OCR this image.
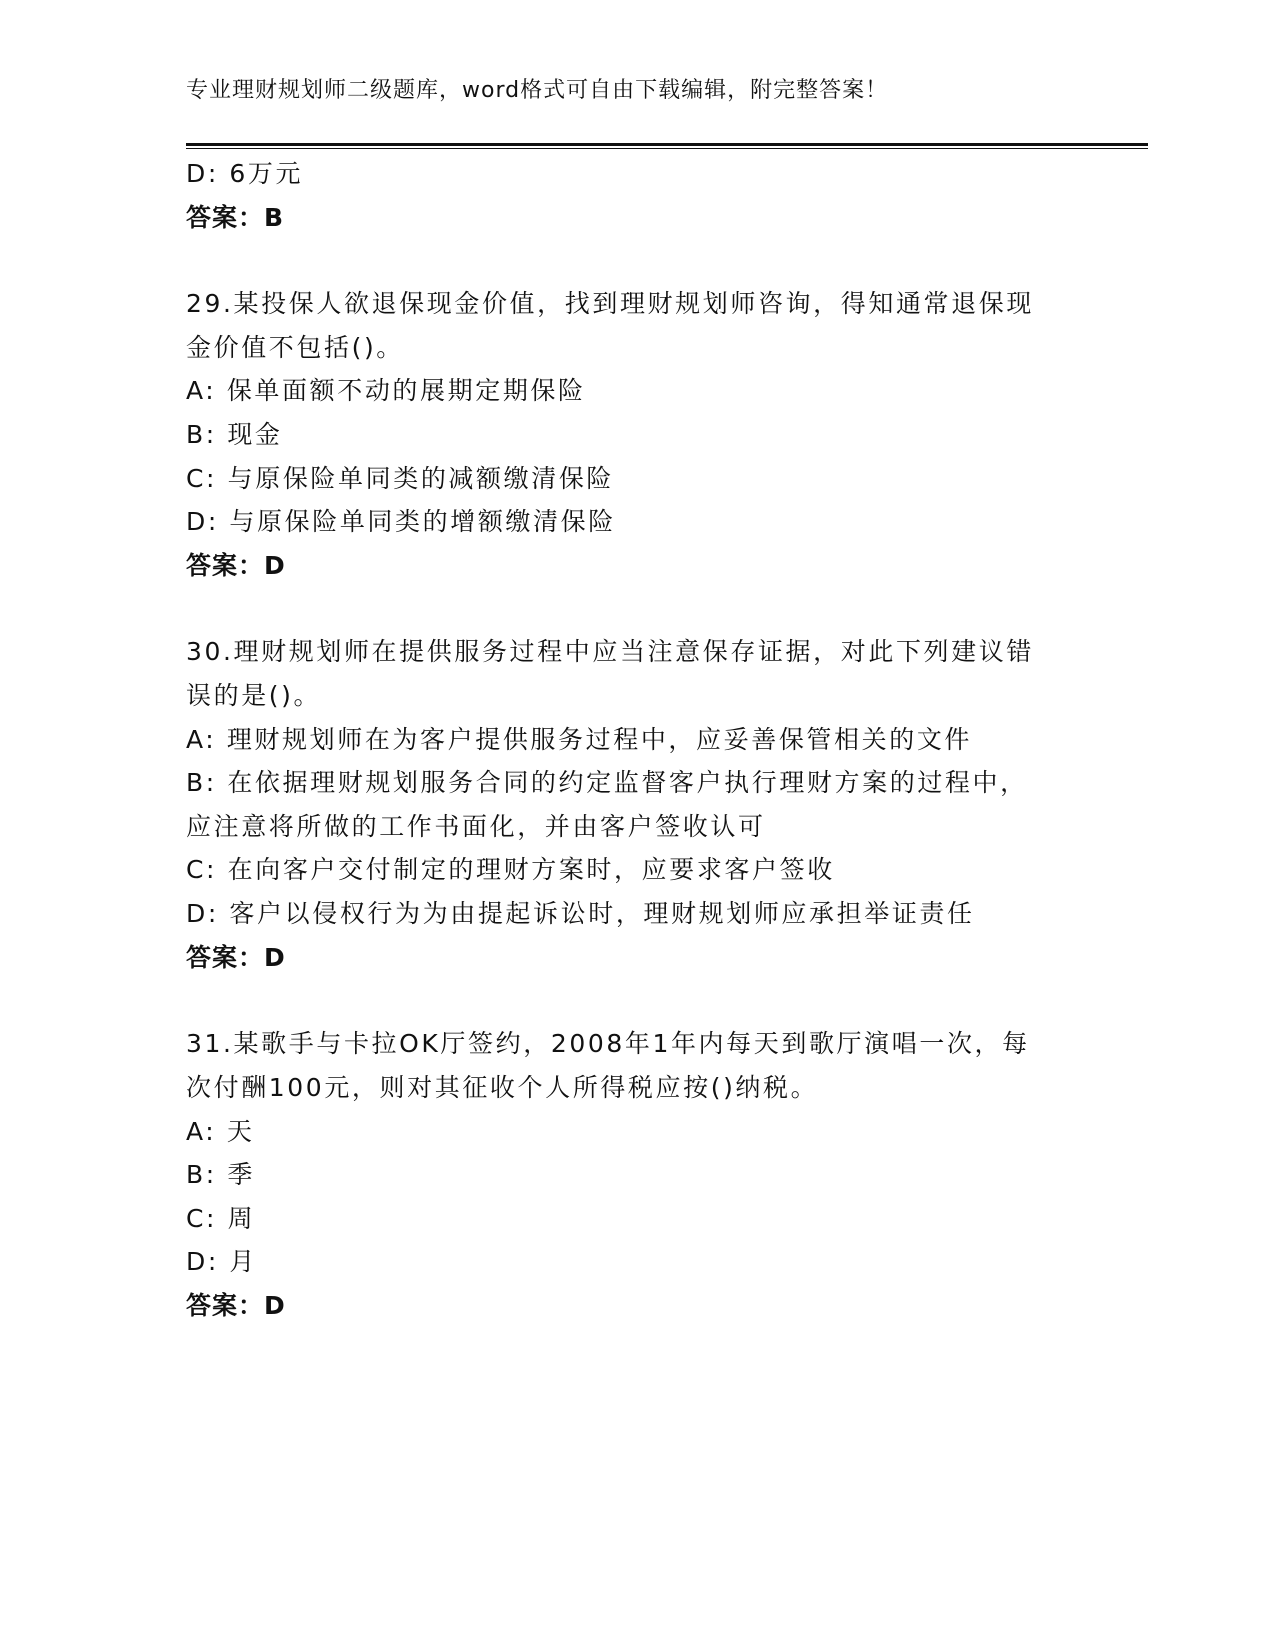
专业理财规划师二级题库，word格式可自由下载编辑，附完整答案！
D: 6万元
答案：B
29.某投保人欲退保现金价值，找到理财规划师咨询，得知通常退保现
金价值不包括()。
A: 保单面额不动的展期定期保险
B: 现金
C: 与原保险单同类的减额缴清保险
D: 与原保险单同类的增额缴清保险
答案：D
30.理财规划师在提供服务过程中应当注意保存证据，对此下列建议错
误的是()。
A: 理财规划师在为客户提供服务过程中，应妥善保管相关的文件
B: 在依据理财规划服务合同的约定监督客户执行理财方案的过程中，
应注意将所做的工作书面化，并由客户签收认可
C: 在向客户交付制定的理财方案时，应要求客户签收
D: 客户以侵权行为为由提起诉讼时，理财规划师应承担举证责任
答案：D
31.某歌手与卡拉OK厅签约，2008年1年内每天到歌厅演唱一次，每
次付酬100元，则对其征收个人所得税应按()纳税。
A: 天
B: 季
C: 周
D: 月
答案：D
